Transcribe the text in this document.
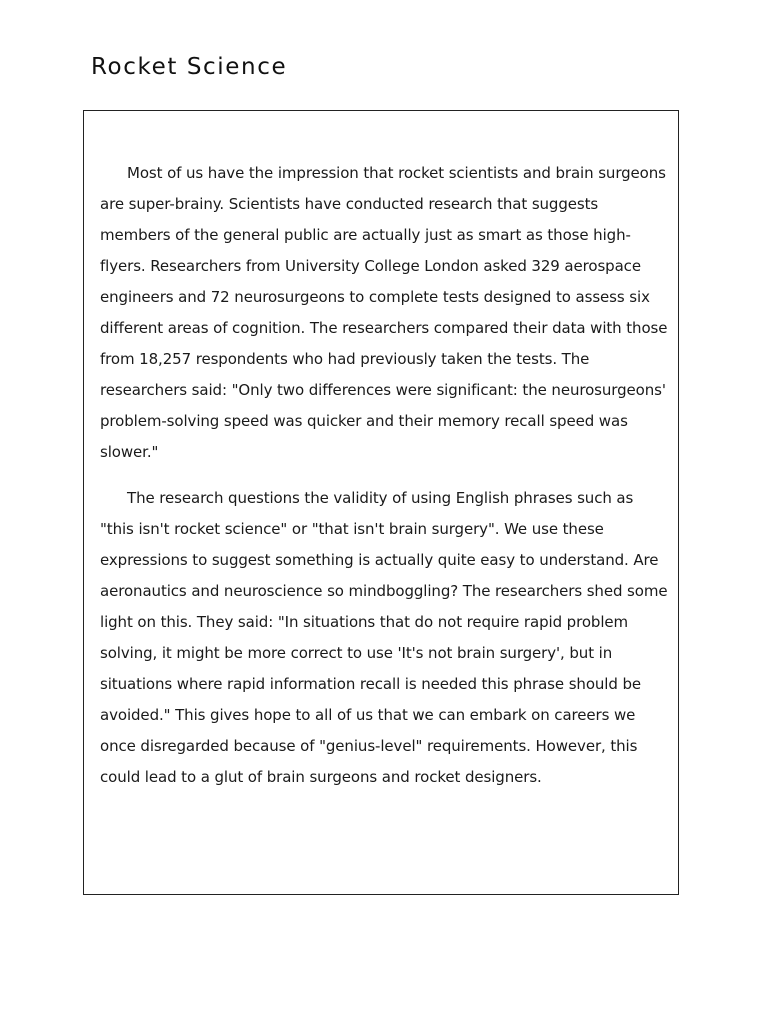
Rocket Science

Most of us have the impression that rocket scientists and brain surgeons are super-brainy. Scientists have conducted research that suggests members of the general public are actually just as smart as those high-flyers. Researchers from University College London asked 329 aerospace engineers and 72 neurosurgeons to complete tests designed to assess six different areas of cognition. The researchers compared their data with those from 18,257 respondents who had previously taken the tests. The researchers said: "Only two differences were significant: the neurosurgeons' problem-solving speed was quicker and their memory recall speed was slower."

The research questions the validity of using English phrases such as "this isn't rocket science" or "that isn't brain surgery". We use these expressions to suggest something is actually quite easy to understand. Are aeronautics and neuroscience so mindboggling? The researchers shed some light on this. They said: "In situations that do not require rapid problem solving, it might be more correct to use 'It's not brain surgery', but in situations where rapid information recall is needed this phrase should be avoided." This gives hope to all of us that we can embark on careers we once disregarded because of "genius-level" requirements. However, this could lead to a glut of brain surgeons and rocket designers.
